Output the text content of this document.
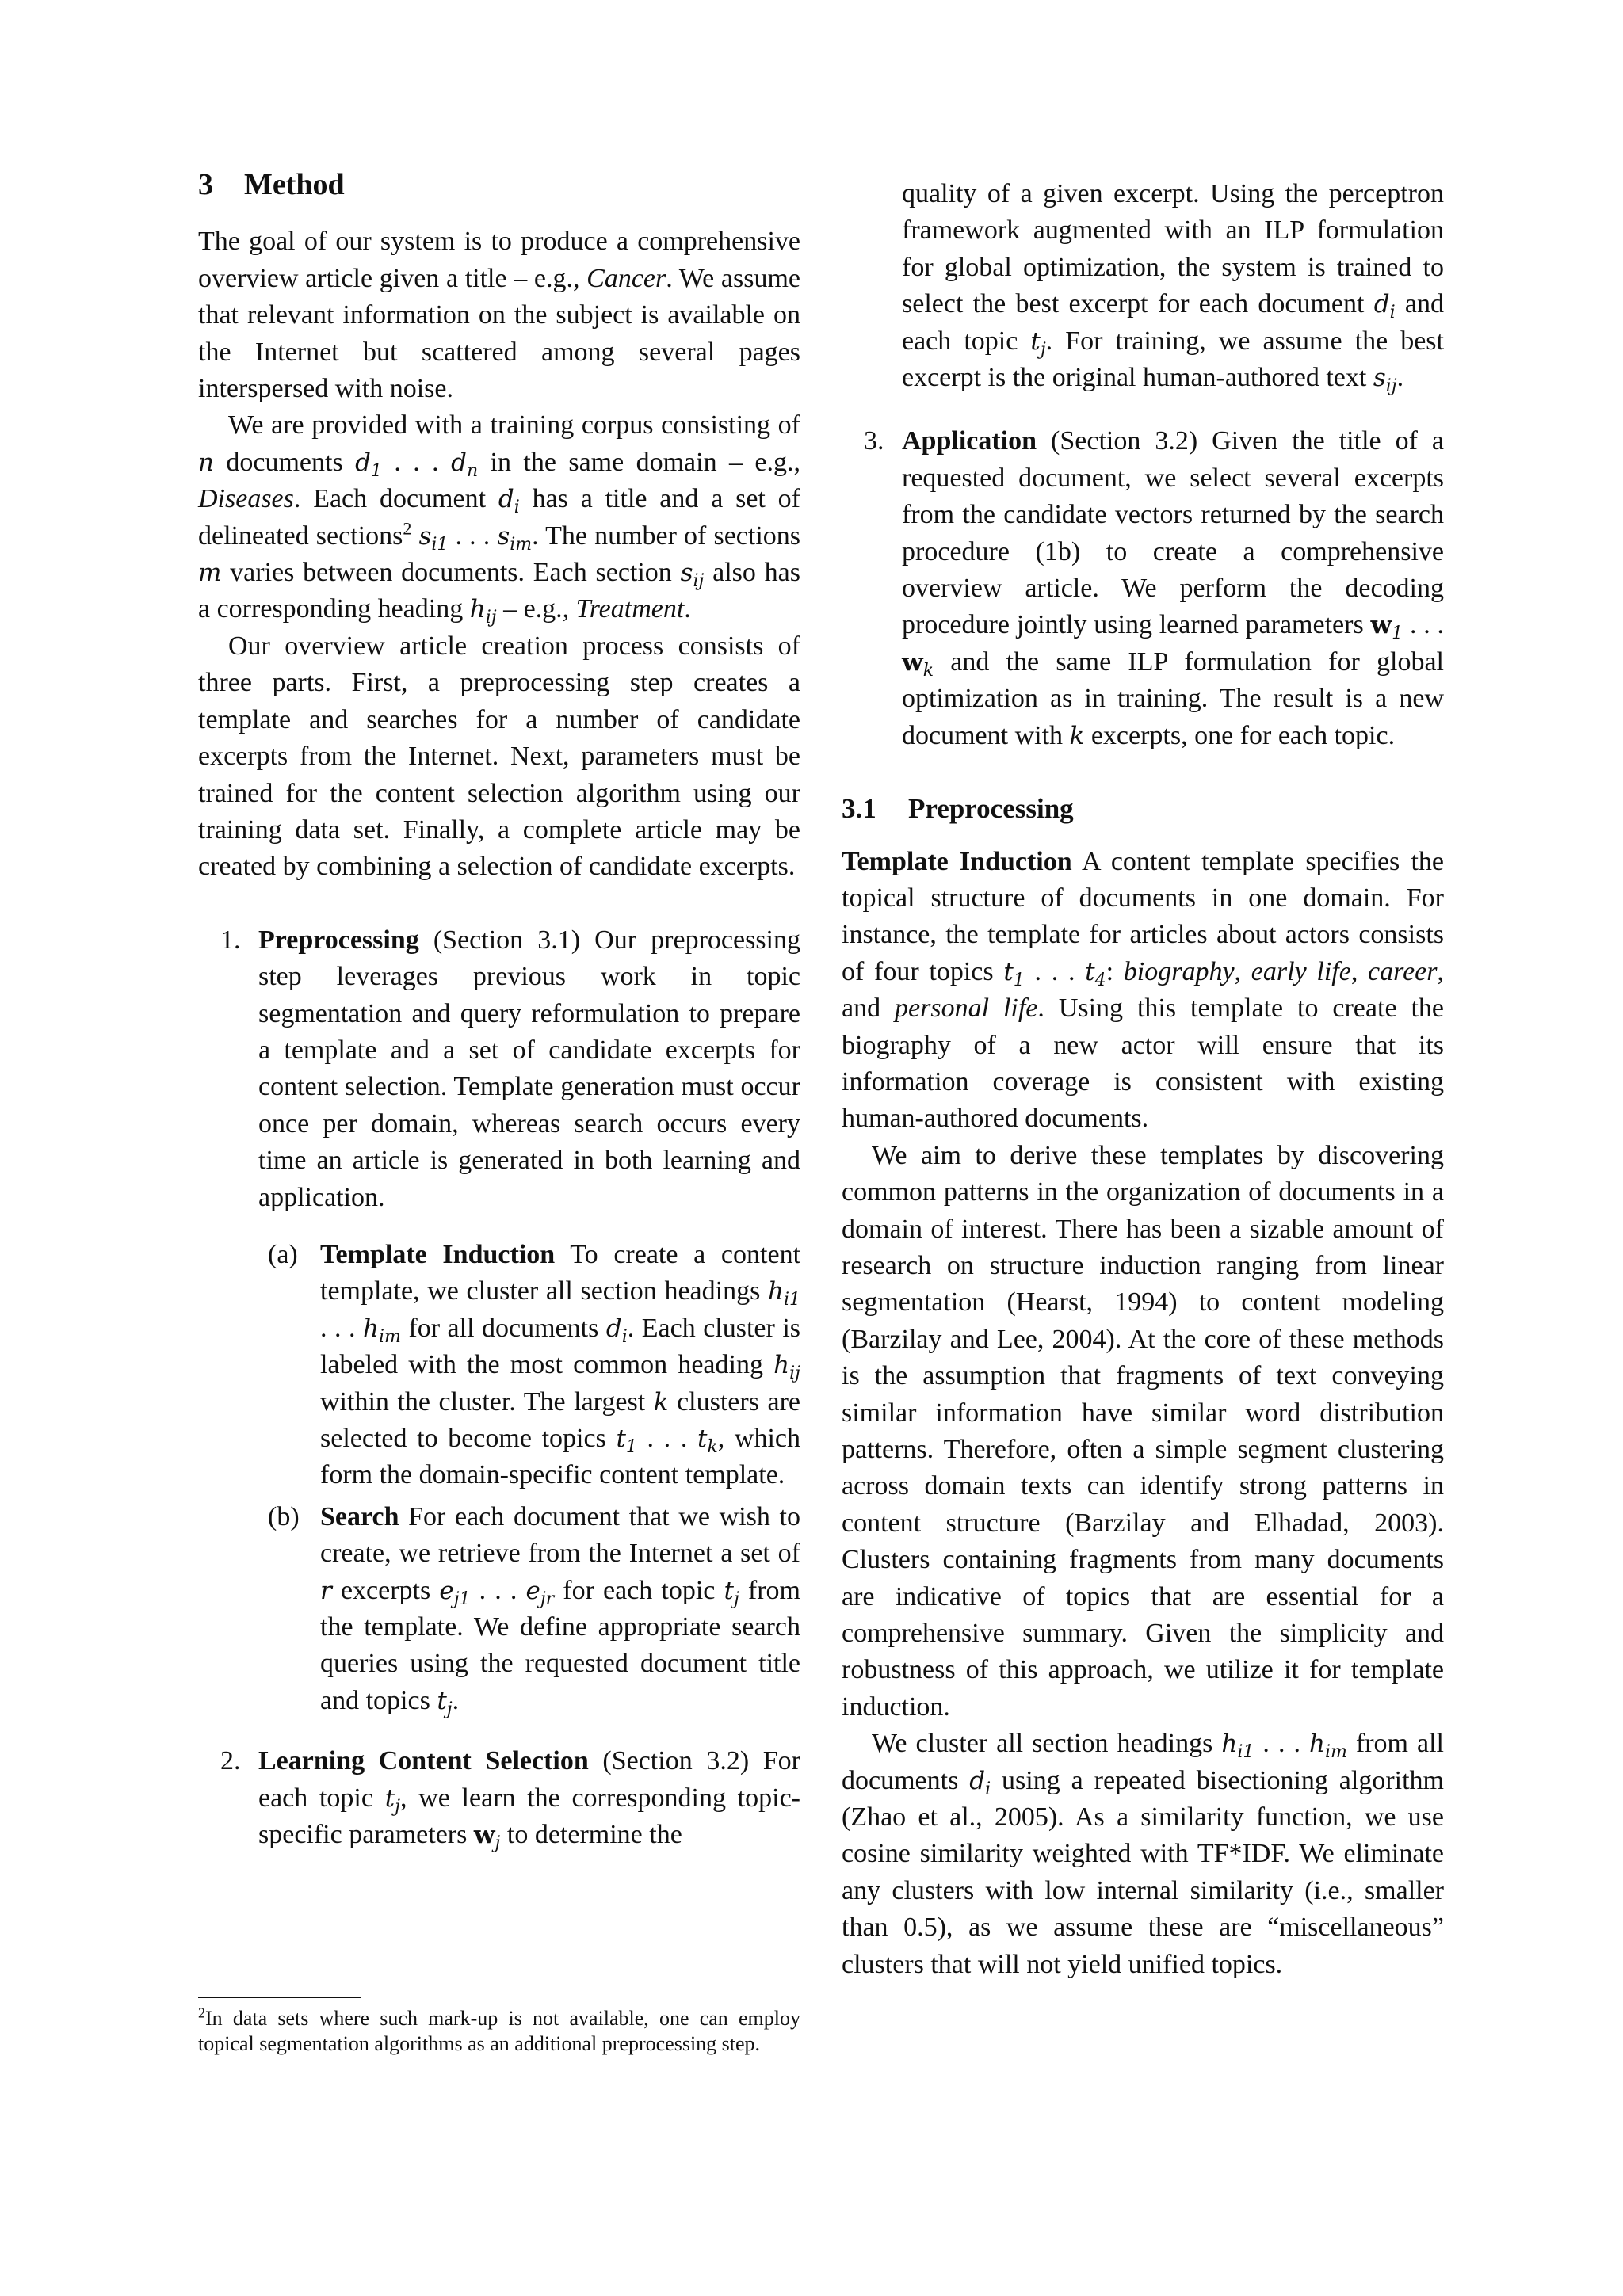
3 Method

The goal of our system is to produce a comprehensive overview article given a title – e.g., Cancer. We assume that relevant information on the subject is available on the Internet but scattered among several pages interspersed with noise.

We are provided with a training corpus consisting of n documents $d_1$ . . . $d_n$ in the same domain – e.g., Diseases. Each document $d_i$ has a title and a set of delineated sections$^2$ $s_{i1}$ . . . $s_{im}$. The number of sections m varies between documents. Each section $s_{ij}$ also has a corresponding heading $h_{ij} - e.g$., Treatment.

Our overview article creation process consists of three parts. First, a preprocessing step creates a template and searches for a number of candidate excerpts from the Internet. Next, parameters must be trained for the content selection algorithm using our training data set. Finally, a complete article may be created by combining a selection of candidate excerpts.

1. Preprocessing (Section 3.1) Our preprocessing step leverages previous work in topic segmentation and query reformulation to prepare a template and a set of candidate excerpts for content selection. Template generation must occur once per domain, whereas search occurs every time an article is generated in both learning and application.
(a) Template Induction To create a content template, we cluster all section headings $h_{i1}$ . . . $h_{im}$ for all documents $d_i$. Each cluster is labeled with the most common heading $h_{ij}$ within the cluster. The largest k clusters are selected to become topics $t_1$ . . . $t_k$, which form the domain-specific content template.
(b) Search For each document that we wish to create, we retrieve from the Internet a set of r excerpts $e_{j1}$ . . . $e_{jr}$ for each topic $t_j$ from the template. We define appropriate search queries using the requested document title and topics $t_j$.
2. Learning Content Selection (Section 3.2) For each topic $t_j$, we learn the corresponding topic-specific parameters $w_j$ to determine the
$^2$In data sets where such mark-up is not available, one can employ topical segmentation algorithms as an additional preprocessing step.
quality of a given excerpt. Using the perceptron framework augmented with an ILP formulation for global optimization, the system is trained to select the best excerpt for each document $d_i$ and each topic $t_j$. For training, we assume the best excerpt is the original human-authored text $s_{ij}$.
3. Application (Section 3.2) Given the title of a requested document, we select several excerpts from the candidate vectors returned by the search procedure (1b) to create a comprehensive overview article. We perform the decoding procedure jointly using learned parameters $w_1$ . . . $w_k$ and the same ILP formulation for global optimization as in training. The result is a new document with k excerpts, one for each topic.
3.1 Preprocessing

Template Induction A content template specifies the topical structure of documents in one domain. For instance, the template for articles about actors consists of four topics $t_1$ . . . $t_4$: biography, early life, career, and personal life. Using this template to create the biography of a new actor will ensure that its information coverage is consistent with existing human-authored documents.

We aim to derive these templates by discovering common patterns in the organization of documents in a domain of interest. There has been a sizable amount of research on structure induction ranging from linear segmentation (Hearst, 1994) to content modeling (Barzilay and Lee, 2004). At the core of these methods is the assumption that fragments of text conveying similar information have similar word distribution patterns. Therefore, often a simple segment clustering across domain texts can identify strong patterns in content structure (Barzilay and Elhadad, 2003). Clusters containing fragments from many documents are indicative of topics that are essential for a comprehensive summary. Given the simplicity and robustness of this approach, we utilize it for template induction.

We cluster all section headings $h_{i1}$ . . . $h_{im}$ from all documents $d_i$ using a repeated bisectioning algorithm (Zhao et al., 2005). As a similarity function, we use cosine similarity weighted with TF*IDF. We eliminate any clusters with low internal similarity (i.e., smaller than 0.5), as we assume these are “miscellaneous” clusters that will not yield unified topics.
